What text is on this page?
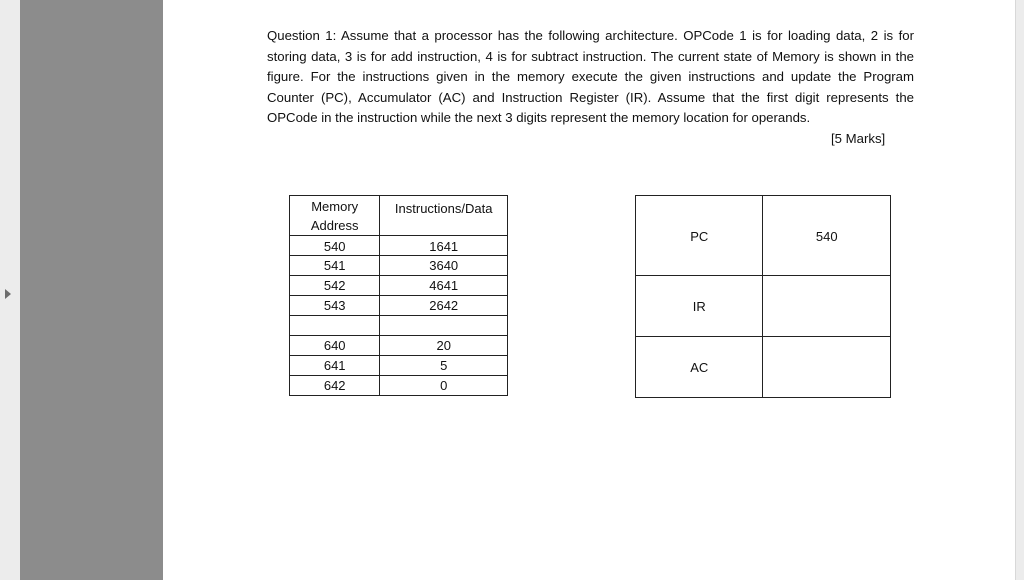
Question 1: Assume that a processor has the following architecture. OPCode 1 is for loading data, 2 is for storing data, 3 is for add instruction, 4 is for subtract instruction. The current state of Memory is shown in the figure. For the instructions given in the memory execute the given instructions and update the Program Counter (PC), Accumulator (AC) and Instruction Register (IR). Assume that the first digit represents the OPCode in the instruction while the next 3 digits represent the memory location for operands.

[5 Marks]
Memory Address	Instructions/Data
540	1641
541	3640
542	4641
543	2642

640	20
641	5
642	0
PC	540
IR	
AC	
